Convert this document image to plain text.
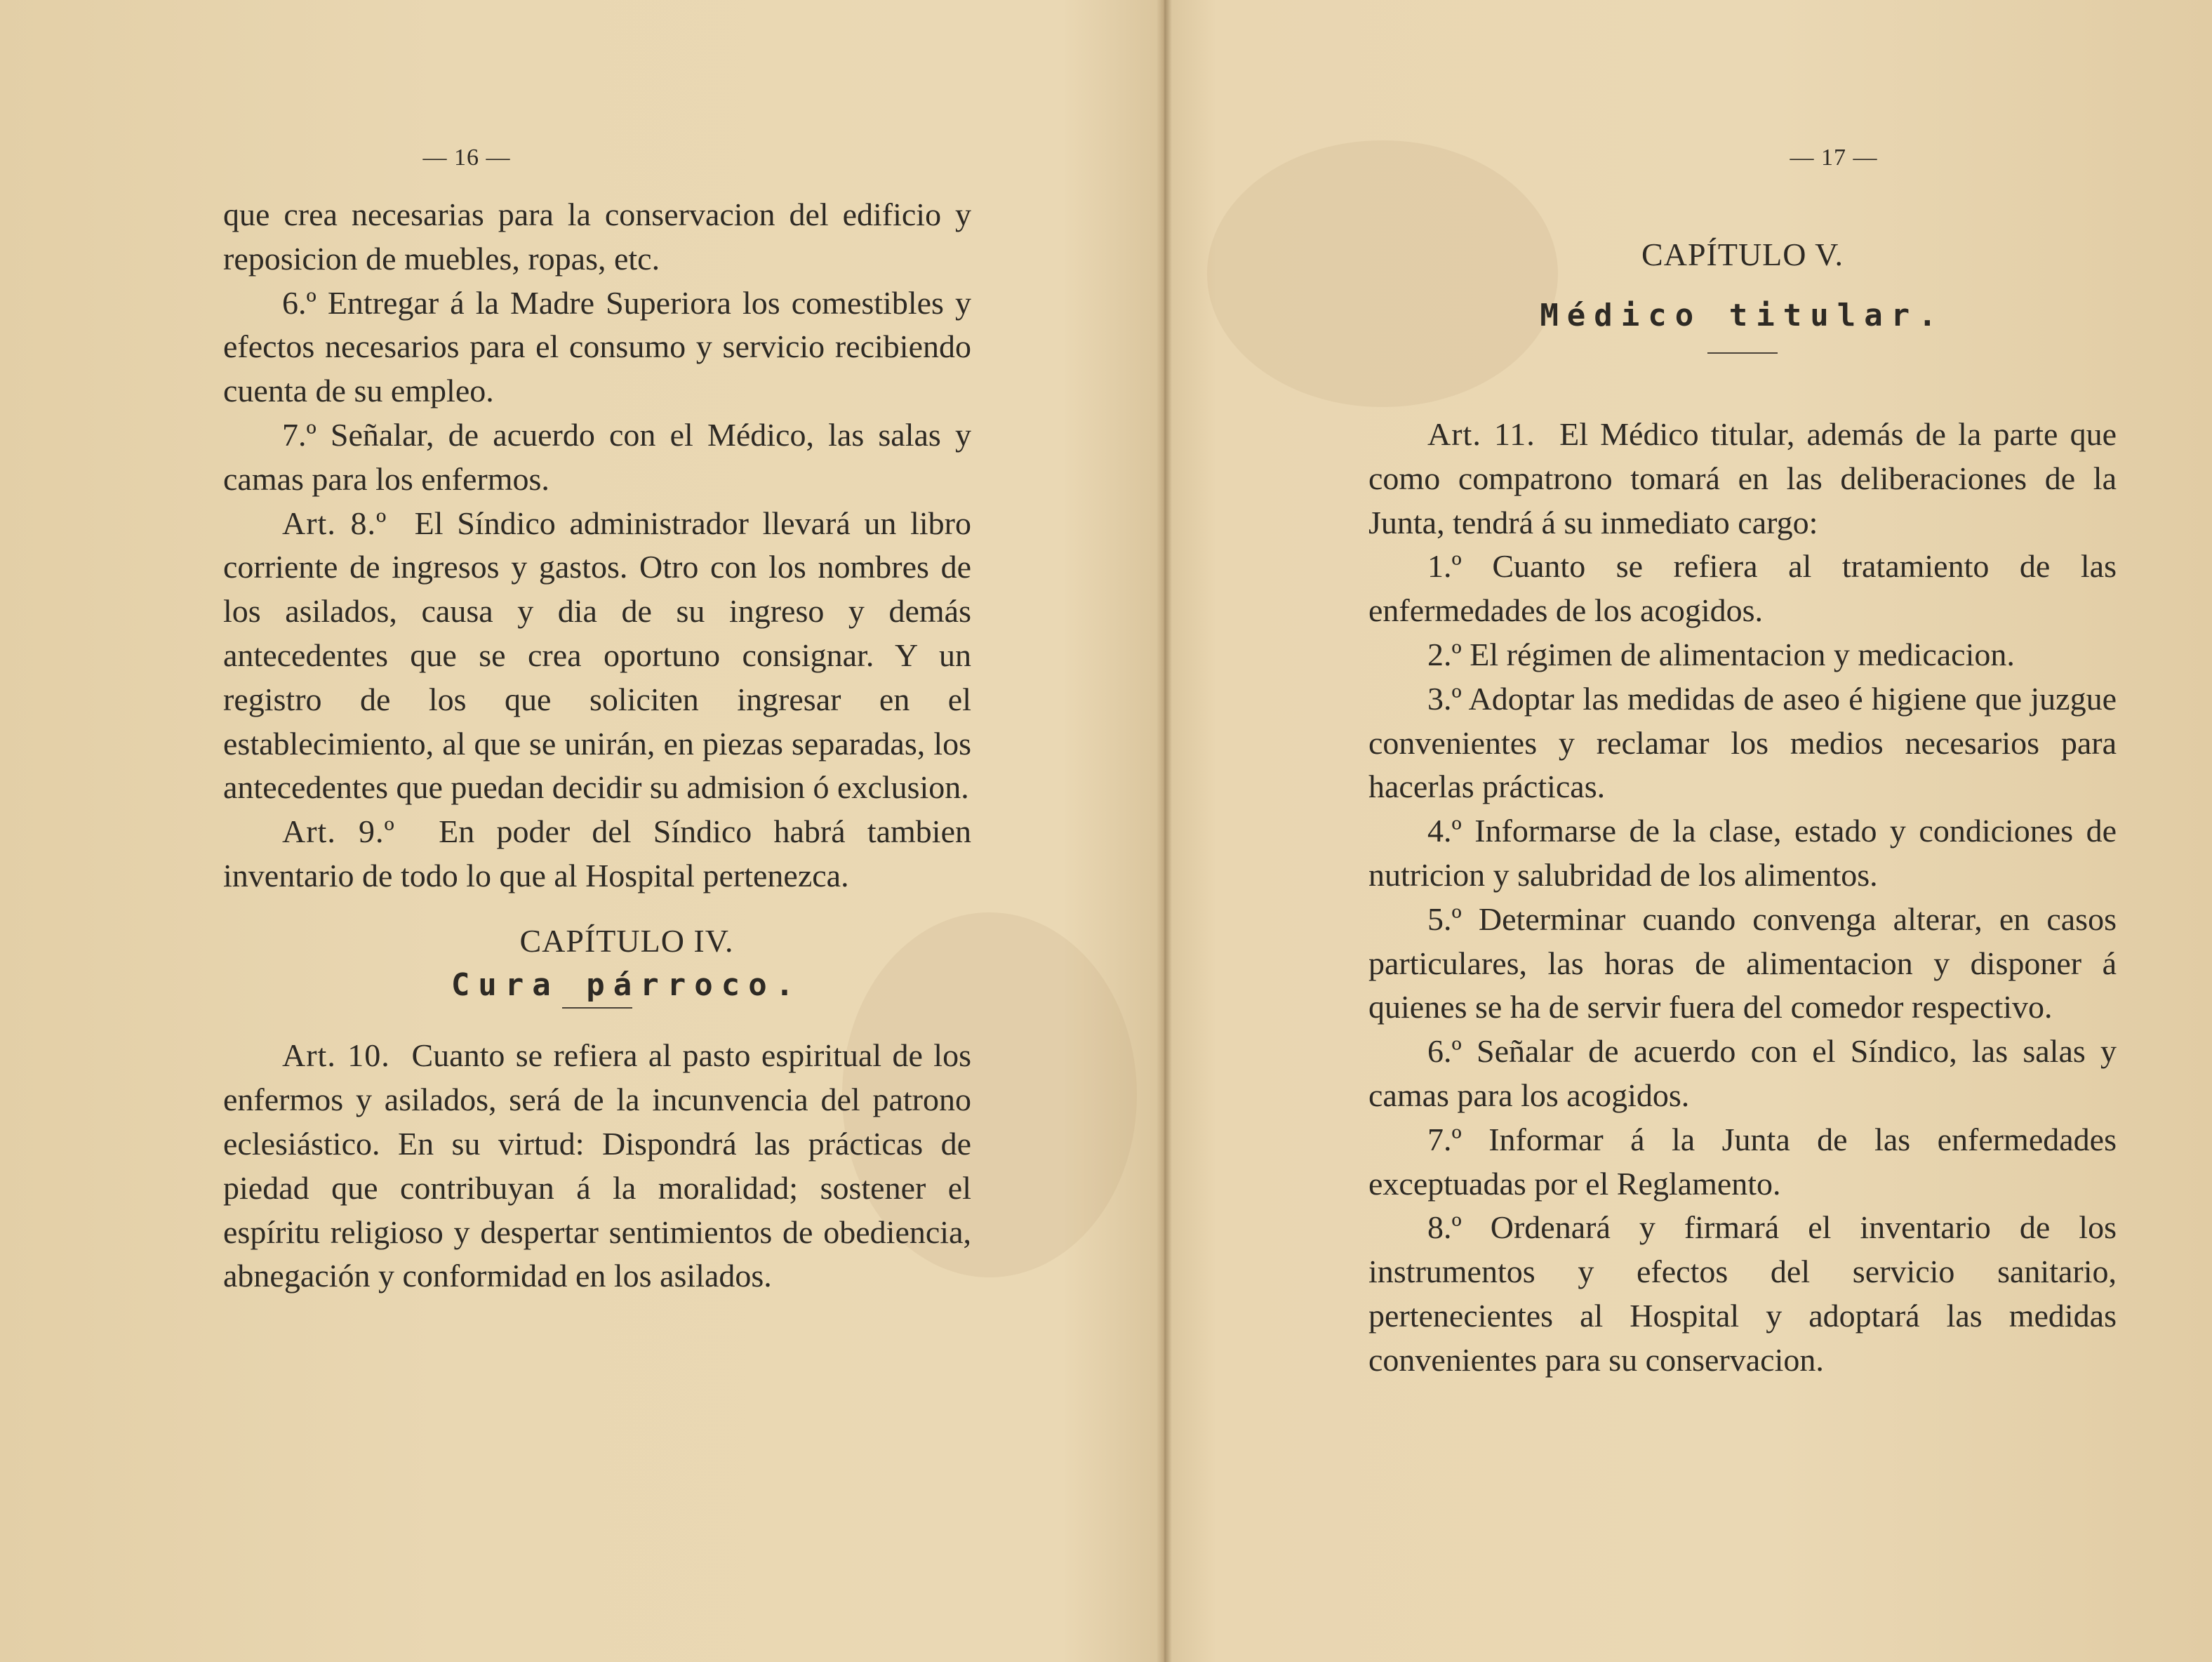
— 16 —

que crea necesarias para la conservacion del edificio y reposicion de muebles, ropas, etc.

6.º Entregar á la Madre Superiora los comestibles y efectos necesarios para el consumo y servicio recibiendo cuenta de su empleo.

7.º Señalar, de acuerdo con el Médico, las salas y camas para los enfermos.

Art. 8.º El Síndico administrador llevará un libro corriente de ingresos y gastos. Otro con los nombres de los asilados, causa y dia de su ingreso y demás antecedentes que se crea oportuno consignar. Y un registro de los que soliciten ingresar en el establecimiento, al que se unirán, en piezas separadas, los antecedentes que puedan decidir su admision ó exclusion.

Art. 9.º En poder del Síndico habrá tambien inventario de todo lo que al Hospital pertenezca.

CAPÍTULO IV.

Cura párroco.

Art. 10. Cuanto se refiera al pasto espiritual de los enfermos y asilados, será de la incunvencia del patrono eclesiástico. En su virtud: Dispondrá las prácticas de piedad que contribuyan á la moralidad; sostener el espíritu religioso y despertar sentimientos de obediencia, abnegación y conformidad en los asilados.

— 17 —

CAPÍTULO V.

Médico titular.

Art. 11. El Médico titular, además de la parte que como compatrono tomará en las deliberaciones de la Junta, tendrá á su inmediato cargo:

1.º Cuanto se refiera al tratamiento de las enfermedades de los acogidos.

2.º El régimen de alimentacion y medicacion.

3.º Adoptar las medidas de aseo é higiene que juzgue convenientes y reclamar los medios necesarios para hacerlas prácticas.

4.º Informarse de la clase, estado y condiciones de nutricion y salubridad de los alimentos.

5.º Determinar cuando convenga alterar, en casos particulares, las horas de alimentacion y disponer á quienes se ha de servir fuera del comedor respectivo.

6.º Señalar de acuerdo con el Síndico, las salas y camas para los acogidos.

7.º Informar á la Junta de las enfermedades exceptuadas por el Reglamento.

8.º Ordenará y firmará el inventario de los instrumentos y efectos del servicio sanitario, pertenecientes al Hospital y adoptará las medidas convenientes para su conservacion.
